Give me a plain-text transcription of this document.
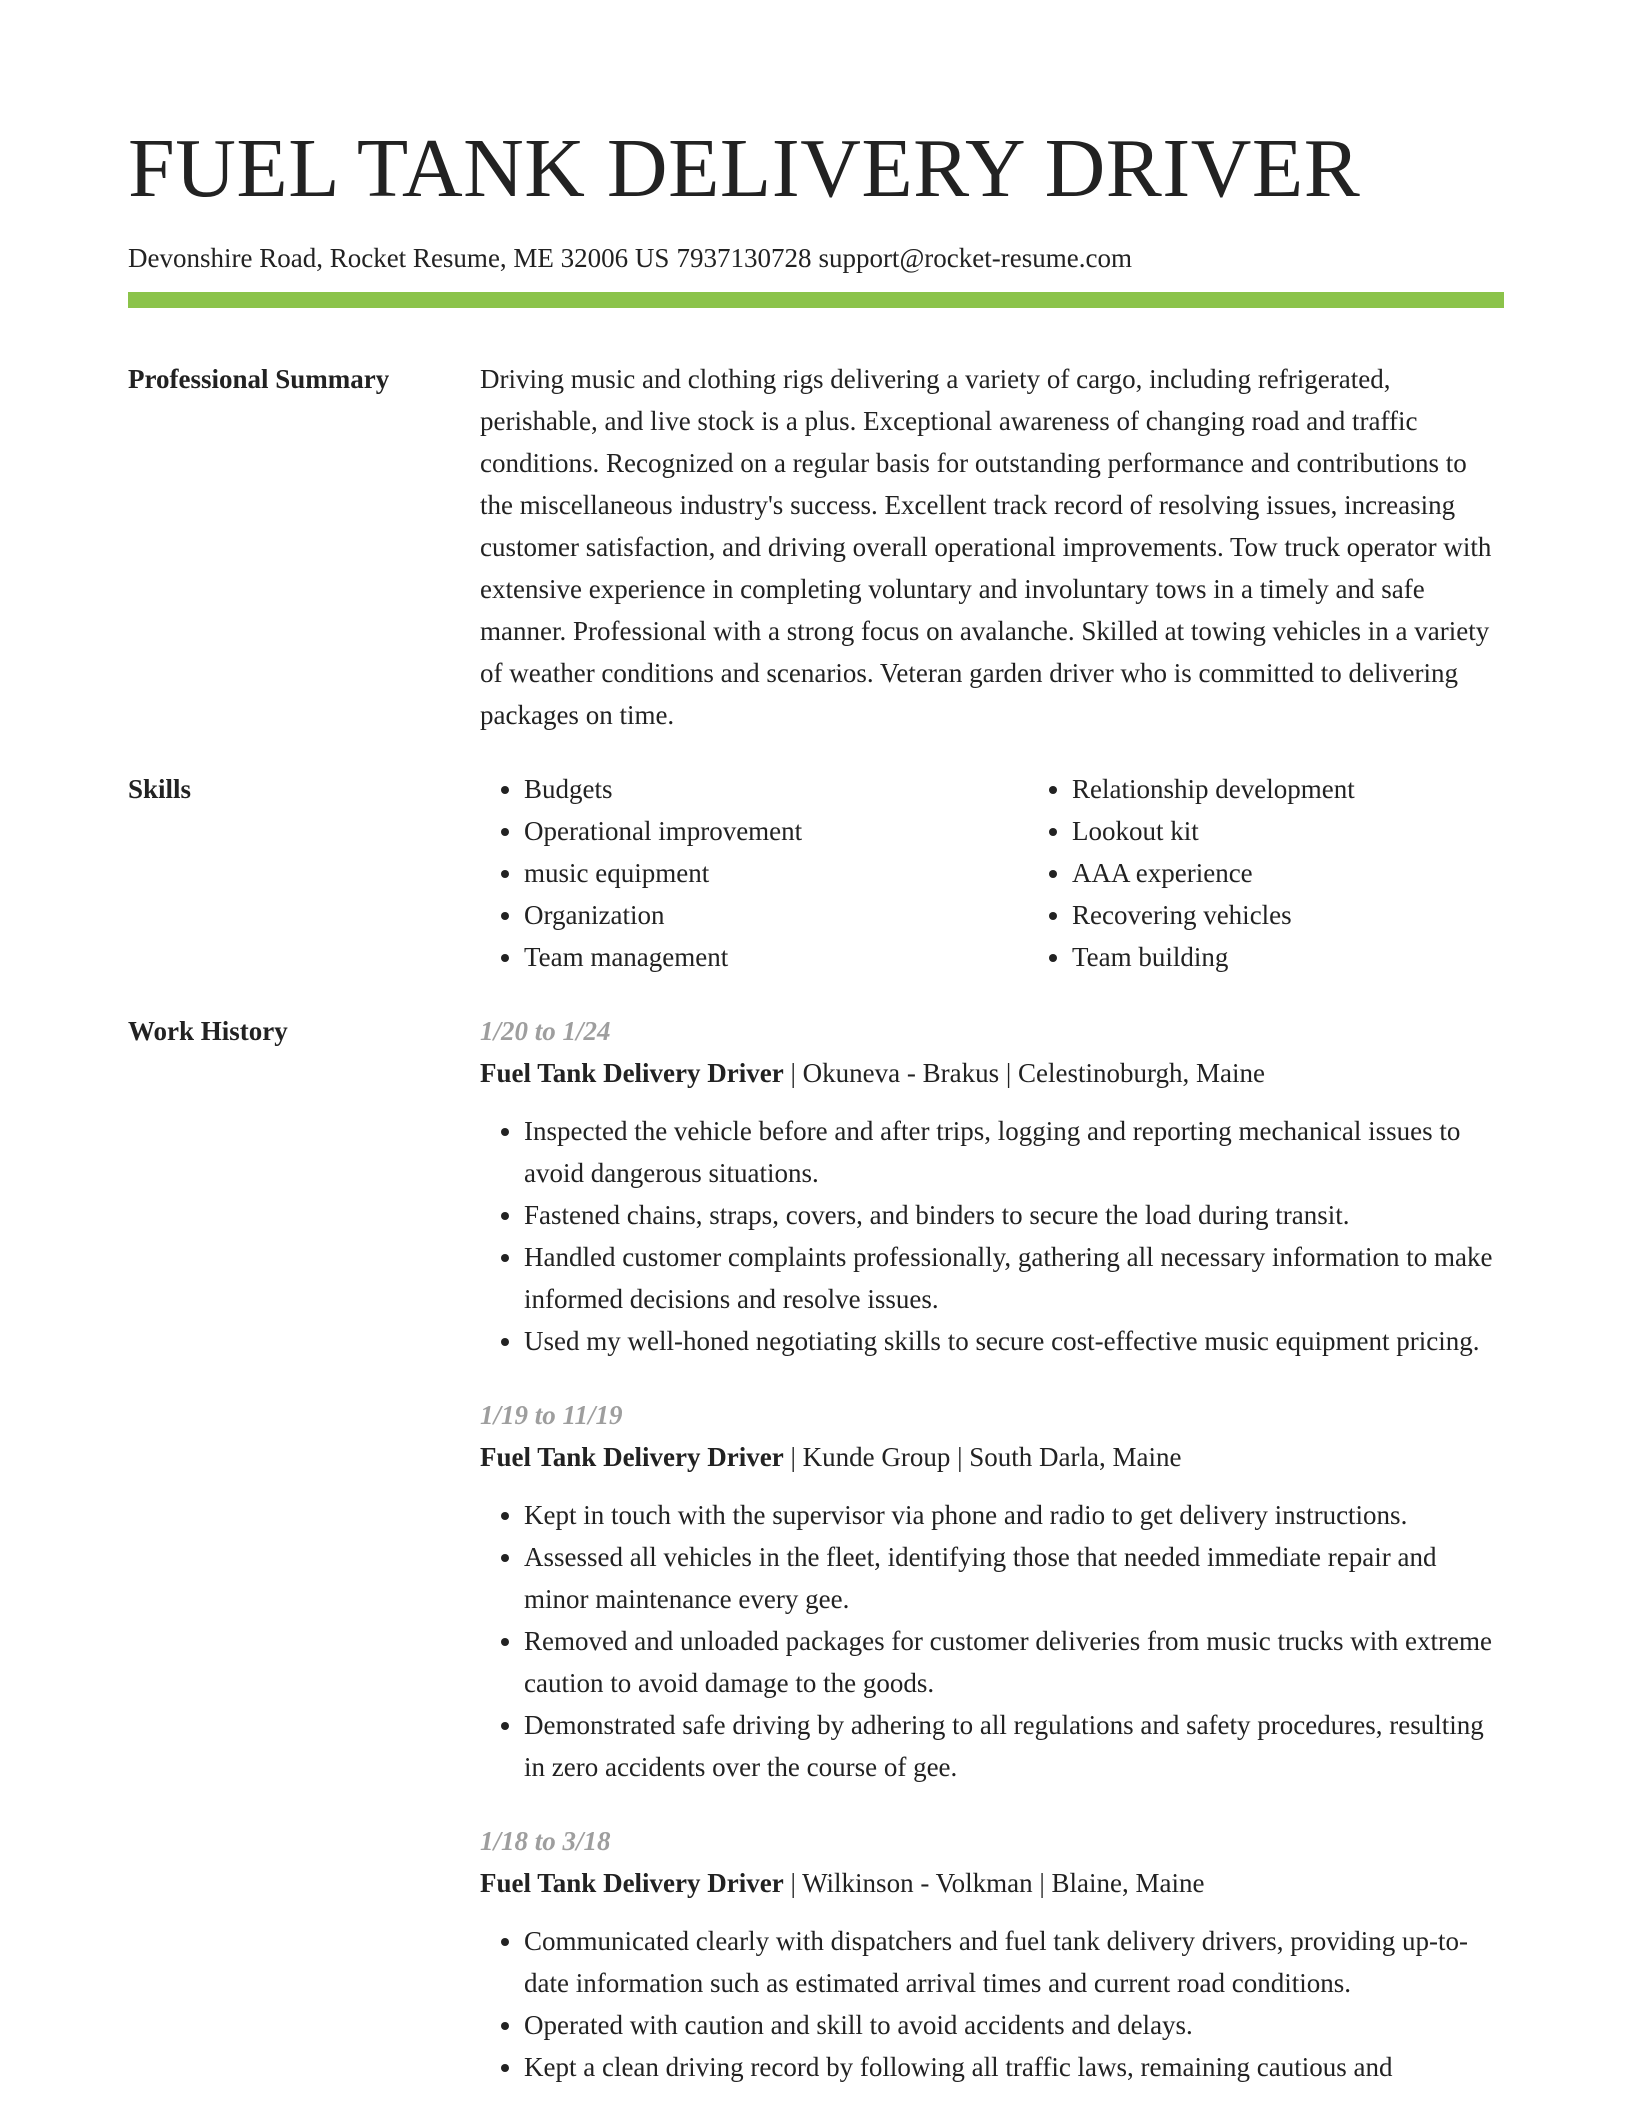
FUEL TANK DELIVERY DRIVER
Devonshire Road, Rocket Resume, ME 32006 US 7937130728 support@rocket-resume.com
Professional Summary	Driving music and clothing rigs delivering a variety of cargo, including refrigerated, perishable, and live stock is a plus. Exceptional awareness of changing road and traffic conditions. Recognized on a regular basis for outstanding performance and contributions to the miscellaneous industry's success. Excellent track record of resolving issues, increasing customer satisfaction, and driving overall operational improvements. Tow truck operator with extensive experience in completing voluntary and involuntary tows in a timely and safe manner. Professional with a strong focus on avalanche. Skilled at towing vehicles in a variety of weather conditions and scenarios. Veteran garden driver who is committed to delivering packages on time.

Skills
•	Budgets
• Operational improvement
• music equipment
• Organization
• Team management
• Relationship development
• Lookout kit
• AAA experience
• Recovering vehicles
• Team building
Work History	1/20 to 1/24
Fuel Tank Delivery Driver | Okuneva - Brakus | Celestinoburgh, Maine
• Inspected the vehicle before and after trips, logging and reporting mechanical issues to avoid dangerous situations.
• Fastened chains, straps, covers, and binders to secure the load during transit.
• Handled customer complaints professionally, gathering all necessary information to make informed decisions and resolve issues.
• Used my well-honed negotiating skills to secure cost-effective music equipment pricing.
1/19 to 11/19
Fuel Tank Delivery Driver | Kunde Group | South Darla, Maine
• Kept in touch with the supervisor via phone and radio to get delivery instructions.
• Assessed all vehicles in the fleet, identifying those that needed immediate repair and minor maintenance every gee.
• Removed and unloaded packages for customer deliveries from music trucks with extreme caution to avoid damage to the goods.
• Demonstrated safe driving by adhering to all regulations and safety procedures, resulting in zero accidents over the course of gee.
1/18 to 3/18
Fuel Tank Delivery Driver | Wilkinson - Volkman | Blaine, Maine
• Communicated clearly with dispatchers and fuel tank delivery drivers, providing up-to-date information such as estimated arrival times and current road conditions.
• Operated with caution and skill to avoid accidents and delays.
• Kept a clean driving record by following all traffic laws, remaining cautious and
